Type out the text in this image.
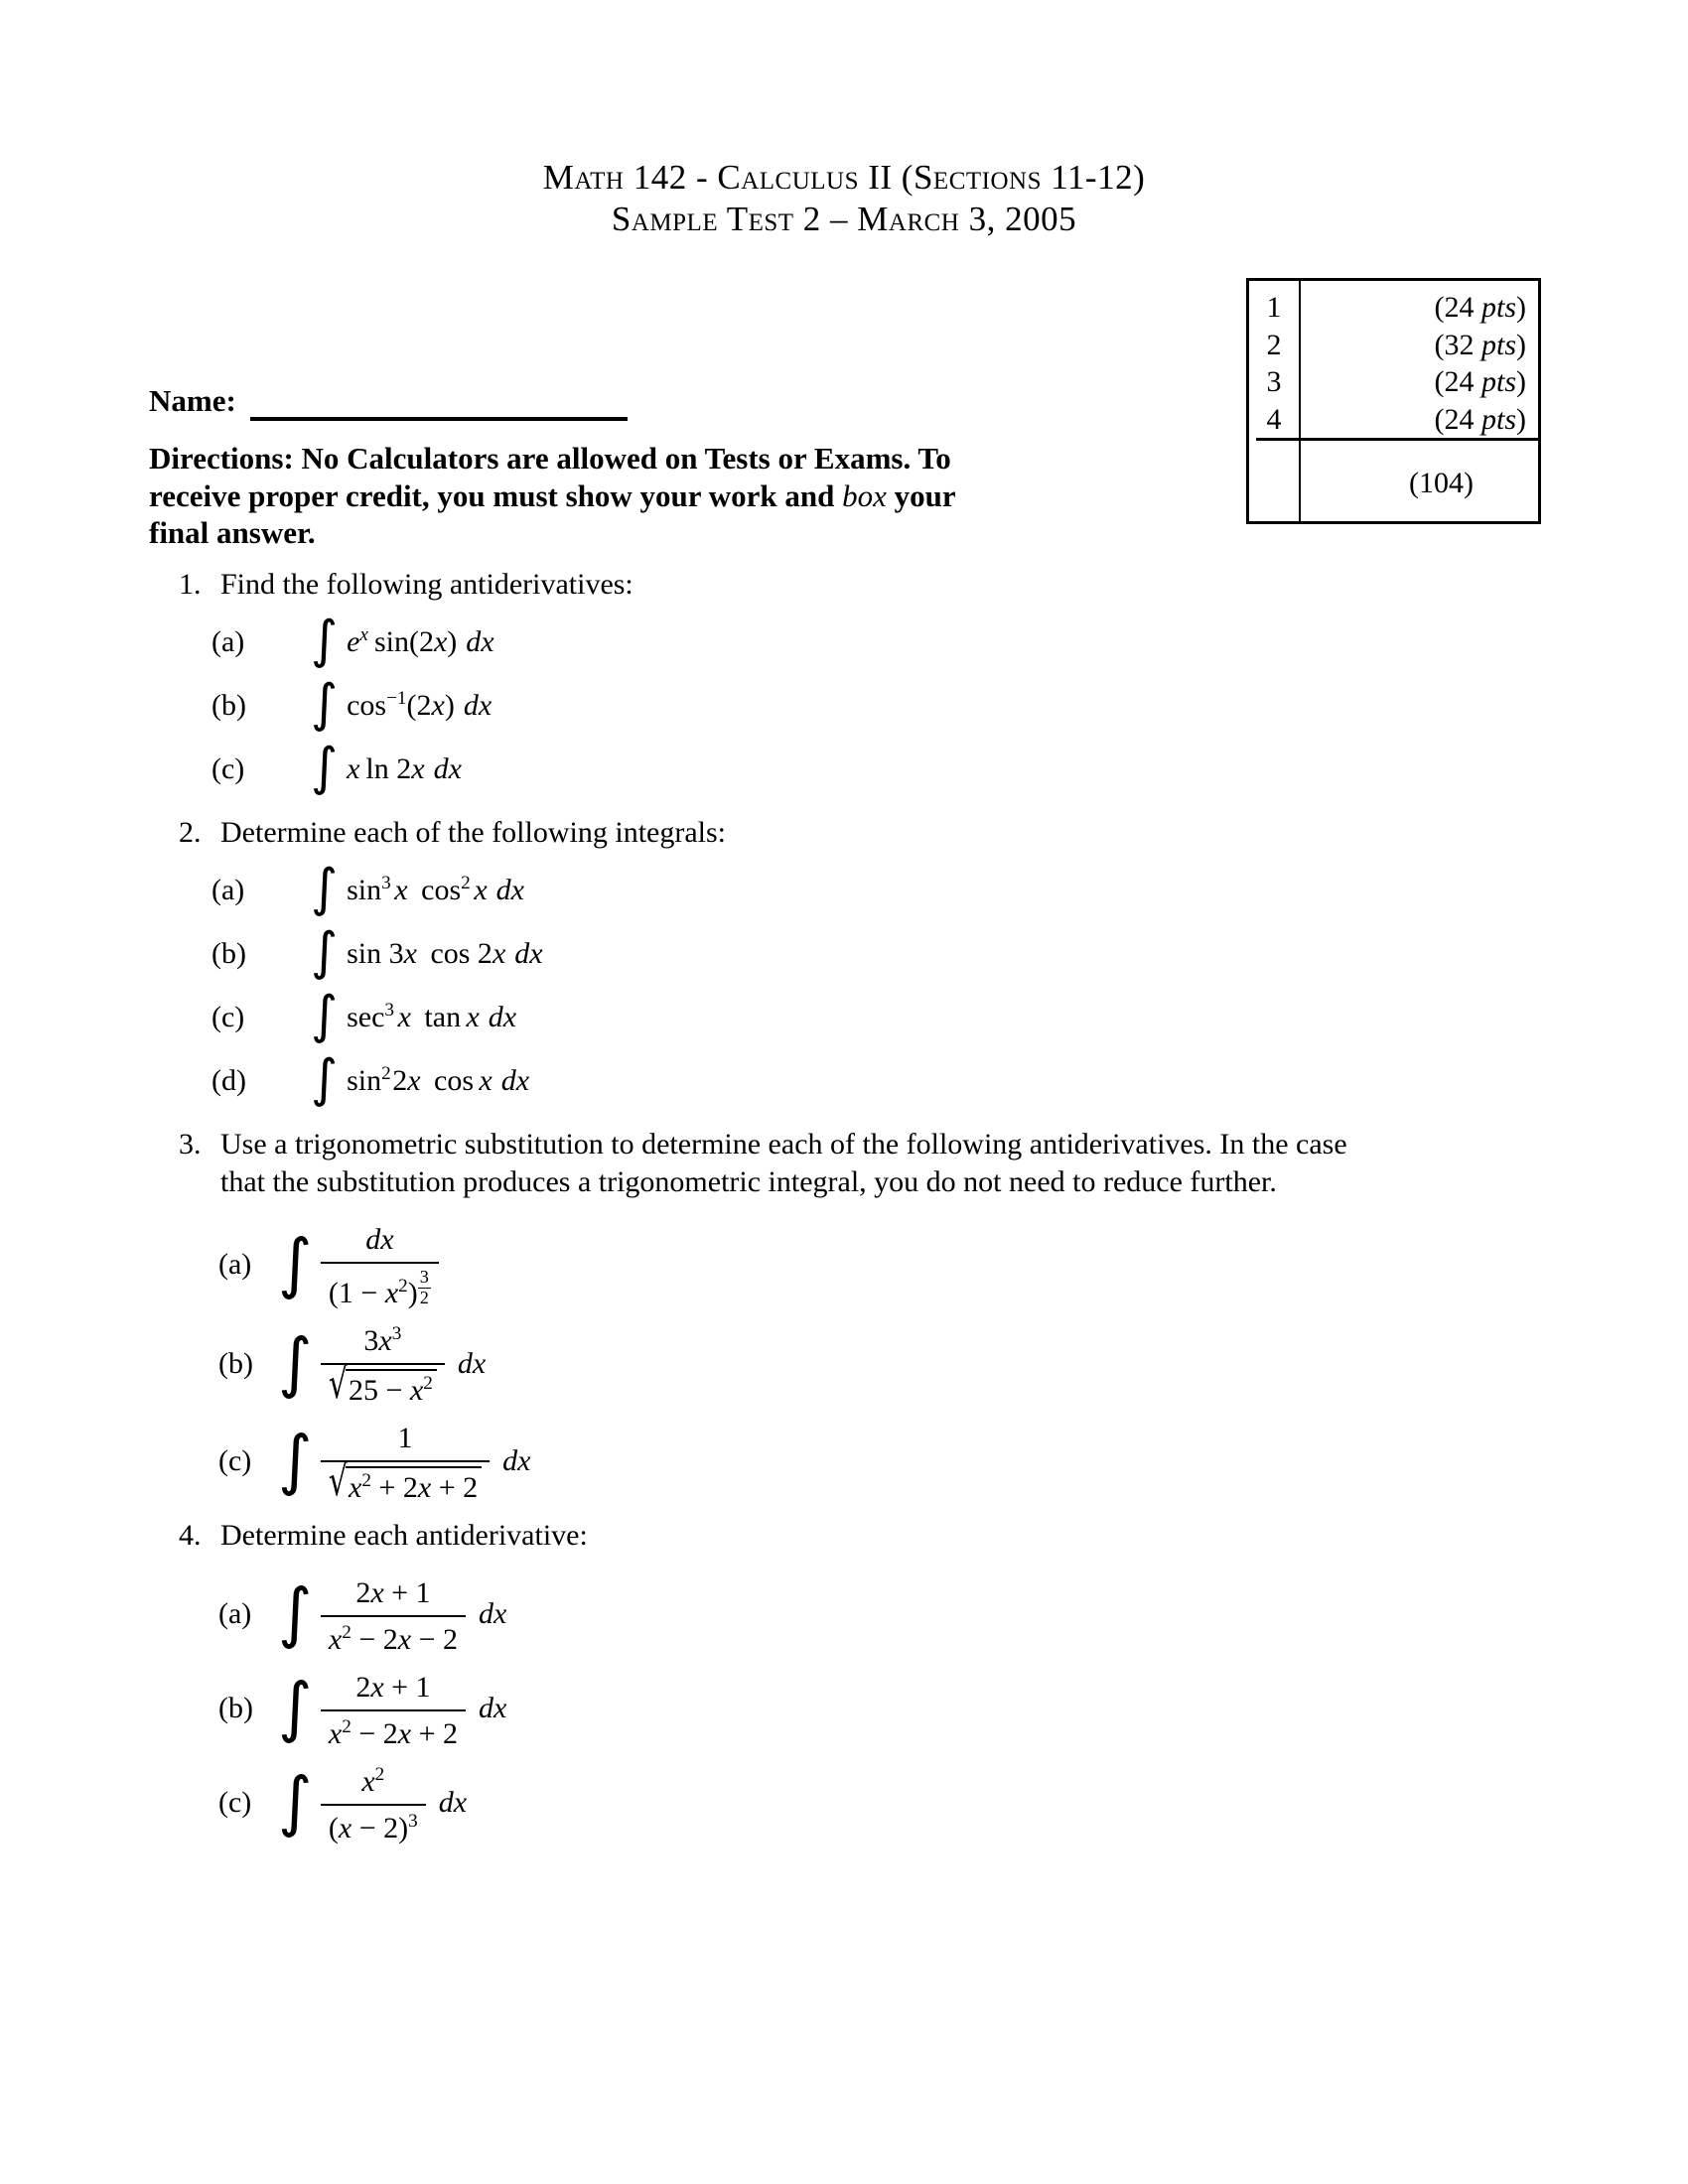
Math 142 - Calculus II (Sections 11-12)
Sample Test 2 – March 3, 2005
1	(24 pts)
2	(32 pts)
3	(24 pts)
4	(24 pts)
(104)
Name:
Directions: No Calculators are allowed on Tests or Exams. To
receive proper credit, you must show your work and box your
final answer.
1. Find the following antiderivatives:
(a) ∫ $e^x$ sin(2x) dx
(b) ∫ $\cos^{-1}(2x)$ dx
(c) ∫ x ln 2x dx
2. Determine each of the following integrals:
(a) ∫ $\sin^3 x$ $\cos^2 x$ dx
(b) ∫ sin 3x cos 2x dx
(c) ∫ $\sec^3 x$ tan x dx
(d) ∫ $\sin^22x$ cos x dx
3. Use a trigonometric substitution to determine each of the following antiderivatives. In the case
that the substitution produces a trigonometric integral, you do not need to reduce further.
(a) ∫ dx
$(1 - x^2)$ $^{\frac{3}{2}}$
(b) ∫ $\frac{3x^3}{√25 - x^2}$ dx
(c) ∫ $\frac{1}{√x^2 + 2x + 2}$ dx
4. Determine each antiderivative:
(a) ∫ $\frac{2x + 1}{x^2 - 2x - 2}$ dx
(b) ∫ $\frac{2x + 1}{x^2 - 2x + 2}$ dx
(c) ∫ $\frac{x^2}{(x - 2)^3}$ dx
